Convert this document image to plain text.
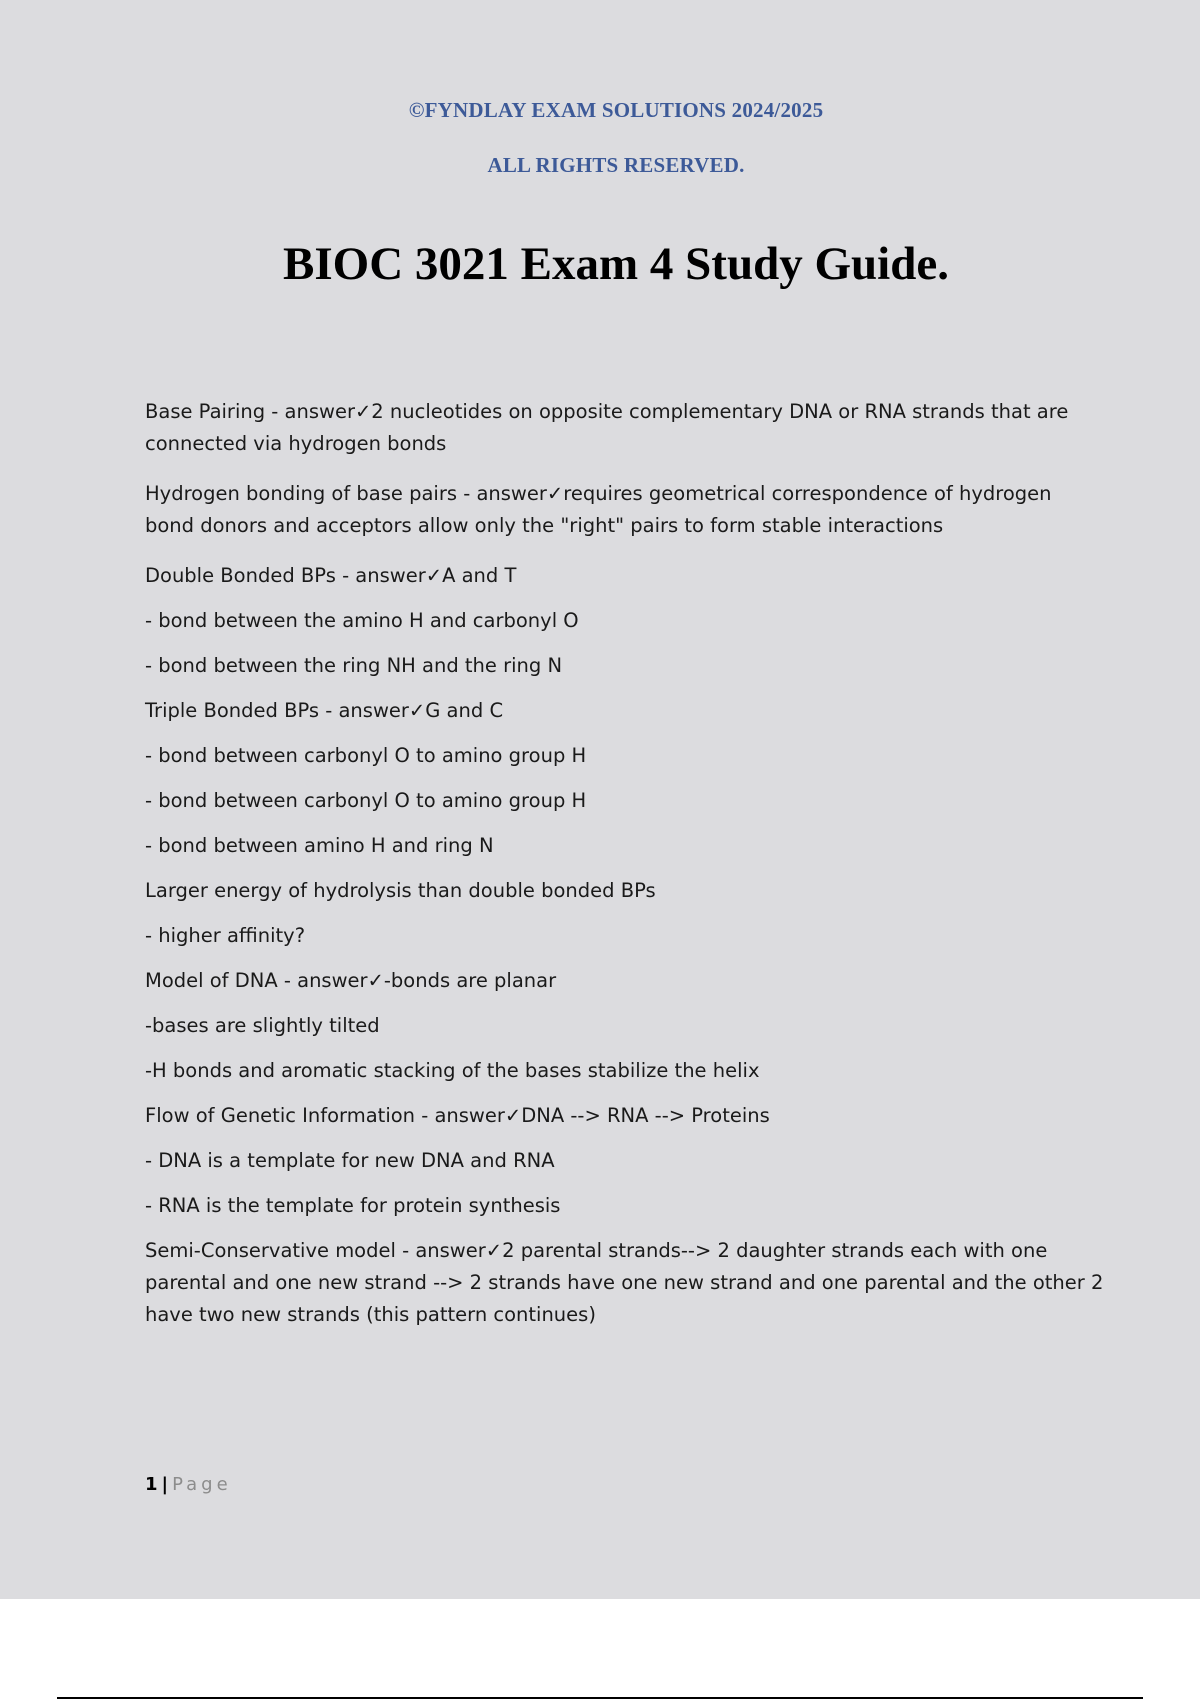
©FYNDLAY EXAM SOLUTIONS 2024/2025
ALL RIGHTS RESERVED.
BIOC 3021 Exam 4 Study Guide.

Base Pairing - answer✓2 nucleotides on opposite complementary DNA or RNA strands that are connected via hydrogen bonds

Hydrogen bonding of base pairs - answer✓requires geometrical correspondence of hydrogen bond donors and acceptors allow only the "right" pairs to form stable interactions

Double Bonded BPs - answer✓A and T

- bond between the amino H and carbonyl O

- bond between the ring NH and the ring N

Triple Bonded BPs - answer✓G and C

- bond between carbonyl O to amino group H

- bond between carbonyl O to amino group H

- bond between amino H and ring N

Larger energy of hydrolysis than double bonded BPs

- higher affinity?

Model of DNA - answer✓-bonds are planar

-bases are slightly tilted

-H bonds and aromatic stacking of the bases stabilize the helix

Flow of Genetic Information - answer✓DNA --> RNA --> Proteins

- DNA is a template for new DNA and RNA

- RNA is the template for protein synthesis

Semi-Conservative model - answer✓2 parental strands--> 2 daughter strands each with one parental and one new strand --> 2 strands have one new strand and one parental and the other 2 have two new strands (this pattern continues)

1 | Page
